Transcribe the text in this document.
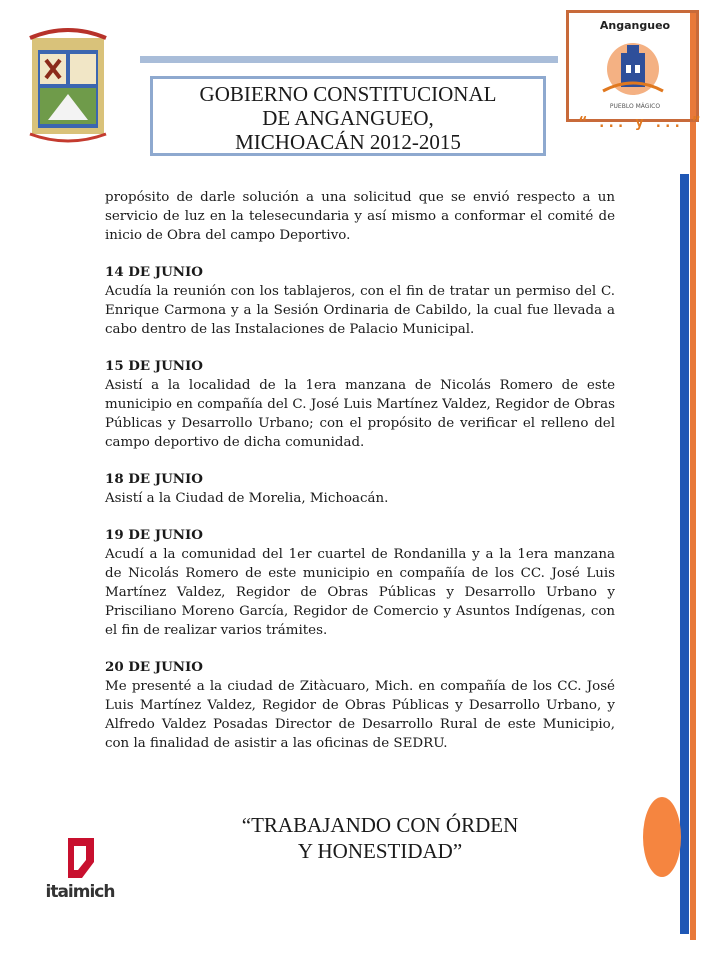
GOBIERNO CONSTITUCIONAL
DE ANGANGUEO,
MICHOACÁN 2012-2015
Angangueo
PUEBLO MÁGICO
“ ... y ... ”

propósito de darle solución a una solicitud que se envió respecto a un servicio de luz en la telesecundaria y así mismo a conformar el comité de inicio de Obra del campo Deportivo.

14 DE JUNIO
Acudía la reunión con los tablajeros, con el fin de tratar un permiso del C. Enrique Carmona y a la Sesión Ordinaria de Cabildo, la cual fue llevada a cabo dentro de las Instalaciones de Palacio Municipal.

15 DE JUNIO
Asistí a la localidad de la 1era manzana de Nicolás Romero de este municipio en compañía del C. José Luis Martínez Valdez, Regidor de Obras Públicas y Desarrollo Urbano; con el propósito de verificar el relleno del campo deportivo de dicha comunidad.

18 DE JUNIO
Asistí a la Ciudad de Morelia, Michoacán.

19 DE JUNIO
Acudí a la comunidad del 1er cuartel de Rondanilla y a la 1era manzana de Nicolás Romero de este municipio en compañía de los CC. José Luis Martínez Valdez, Regidor de Obras Públicas y Desarrollo Urbano y Prisciliano Moreno García, Regidor de Comercio y Asuntos Indígenas, con el fin de realizar varios trámites.

20 DE JUNIO
Me presenté a la ciudad de Zitàcuaro, Mich. en compañía de los CC. José Luis Martínez Valdez, Regidor de Obras Públicas y Desarrollo Urbano, y Alfredo Valdez Posadas Director de Desarrollo Rural de este Municipio, con la finalidad de asistir a las oficinas de SEDRU.

“TRABAJANDO CON ÓRDEN
Y HONESTIDAD”
itaimich
